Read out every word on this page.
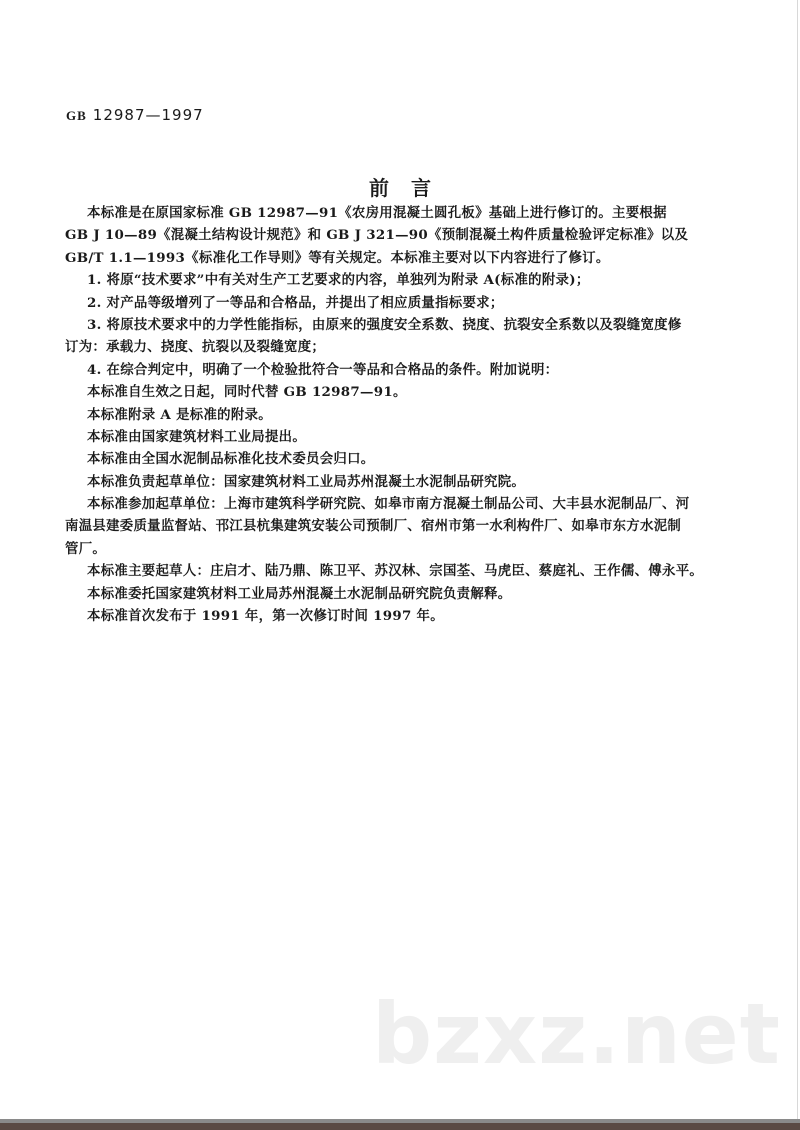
GB 12987—1997
前言
本标准是在原国家标准 GB 12987—91《农房用混凝土圆孔板》基础上进行修订的。主要根据
GB J 10—89《混凝土结构设计规范》和 GB J 321—90《预制混凝土构件质量检验评定标准》以及
GB/T 1.1—1993《标准化工作导则》等有关规定。本标准主要对以下内容进行了修订。
1. 将原“技术要求”中有关对生产工艺要求的内容，单独列为附录 A(标准的附录)；
2. 对产品等级增列了一等品和合格品，并提出了相应质量指标要求；
3. 将原技术要求中的力学性能指标，由原来的强度安全系数、挠度、抗裂安全系数以及裂缝宽度修
订为：承载力、挠度、抗裂以及裂缝宽度；
4. 在综合判定中，明确了一个检验批符合一等品和合格品的条件。附加说明：
本标准自生效之日起，同时代替 GB 12987—91。
本标准附录 A 是标准的附录。
本标准由国家建筑材料工业局提出。
本标准由全国水泥制品标准化技术委员会归口。
本标准负责起草单位：国家建筑材料工业局苏州混凝土水泥制品研究院。
本标准参加起草单位：上海市建筑科学研究院、如皋市南方混凝土制品公司、大丰县水泥制品厂、河
南温县建委质量监督站、邗江县杭集建筑安装公司预制厂、宿州市第一水利构件厂、如皋市东方水泥制
管厂。
本标准主要起草人：庄启才、陆乃鼎、陈卫平、苏汉林、宗国荃、马虎臣、蔡庭礼、王作儒、傅永平。
本标准委托国家建筑材料工业局苏州混凝土水泥制品研究院负责解释。
本标准首次发布于 1991 年，第一次修订时间 1997 年。
bzxz.net
